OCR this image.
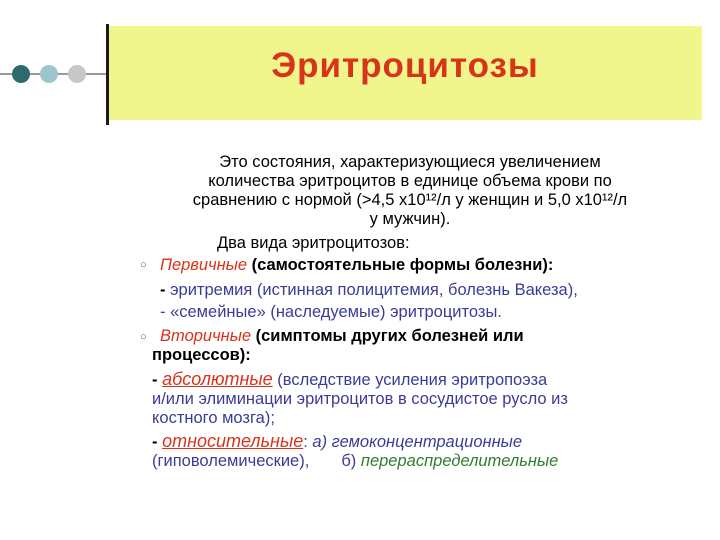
Эритроцитозы
Это состояния, характеризующиеся увеличением
количества эритроцитов в единице объема крови по
сравнению с нормой (>4,5 х10¹²/л у женщин и 5,0 х10¹²/л
у мужчин).
Два вида эритроцитозов:
○ Первичные (самостоятельные формы болезни):
- эритремия (истинная полицитемия, болезнь Вакеза),
- «семейные» (наследуемые) эритроцитозы.
○ Вторичные (симптомы других болезней или
процессов):
- абсолютные (вследствие усиления эритропоэза
и/или элиминации эритроцитов в сосудистое русло из
костного мозга);
- относительные: а) гемоконцентрационные
(гиповолемические), б) перераспределительные
